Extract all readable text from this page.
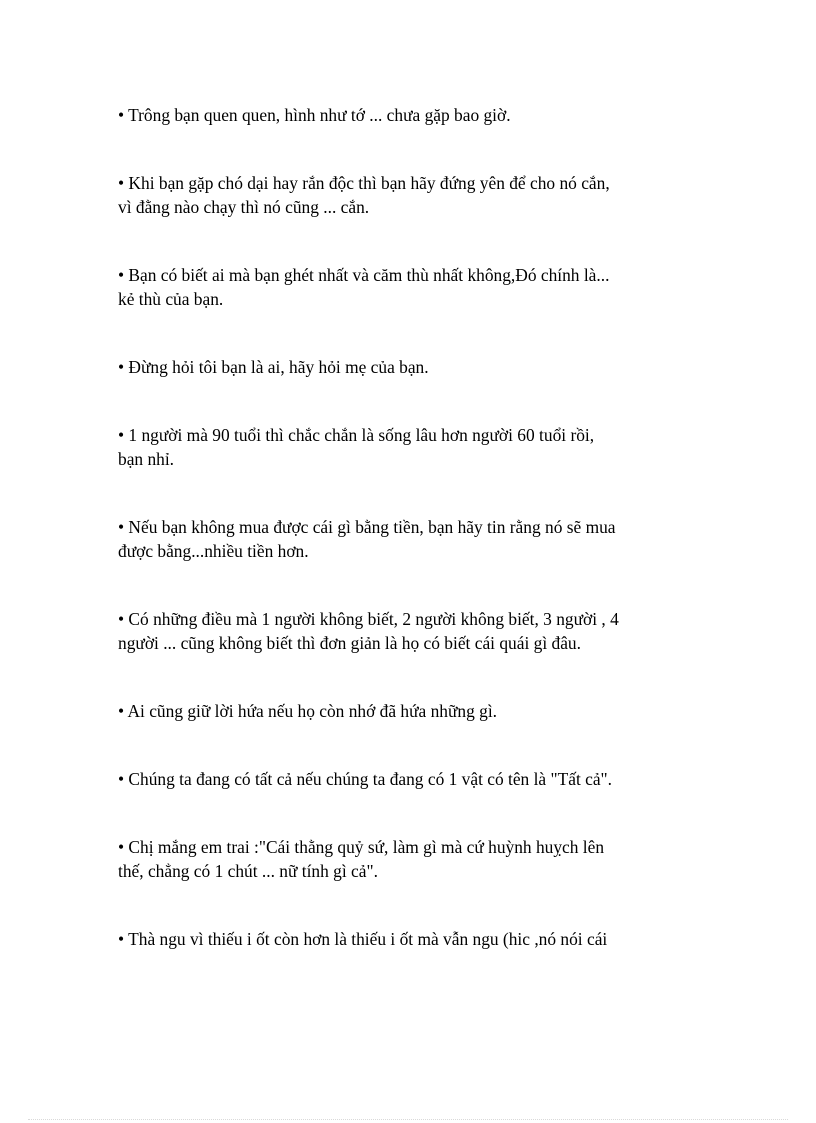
• Trông bạn quen quen, hình như tớ ... chưa gặp bao giờ.
• Khi bạn gặp chó dại hay rắn độc thì bạn hãy đứng yên để cho nó cắn,
vì đằng nào chạy thì nó cũng ... cắn.
• Bạn có biết ai mà bạn ghét nhất và căm thù nhất không,Đó chính là...
kẻ thù của bạn.
• Đừng hỏi tôi bạn là ai, hãy hỏi mẹ của bạn.
• 1 người mà 90 tuổi thì chắc chắn là sống lâu hơn người 60 tuổi rồi,
bạn nhỉ.
• Nếu bạn không mua được cái gì bằng tiền, bạn hãy tin rằng nó sẽ mua
được bằng...nhiều tiền hơn.
• Có những điều mà 1 người không biết, 2 người không biết, 3 người , 4
người ... cũng không biết thì đơn giản là họ có biết cái quái gì đâu.
• Ai cũng giữ lời hứa nếu họ còn nhớ đã hứa những gì.
• Chúng ta đang có tất cả nếu chúng ta đang có 1 vật có tên là "Tất cả".
• Chị mắng em trai :"Cái thằng quỷ sứ, làm gì mà cứ huỳnh huỵch lên
thế, chẳng có 1 chút ... nữ tính gì cả".
• Thà ngu vì thiếu i ốt còn hơn là thiếu i ốt mà vẫn ngu (hic ,nó nói cái
